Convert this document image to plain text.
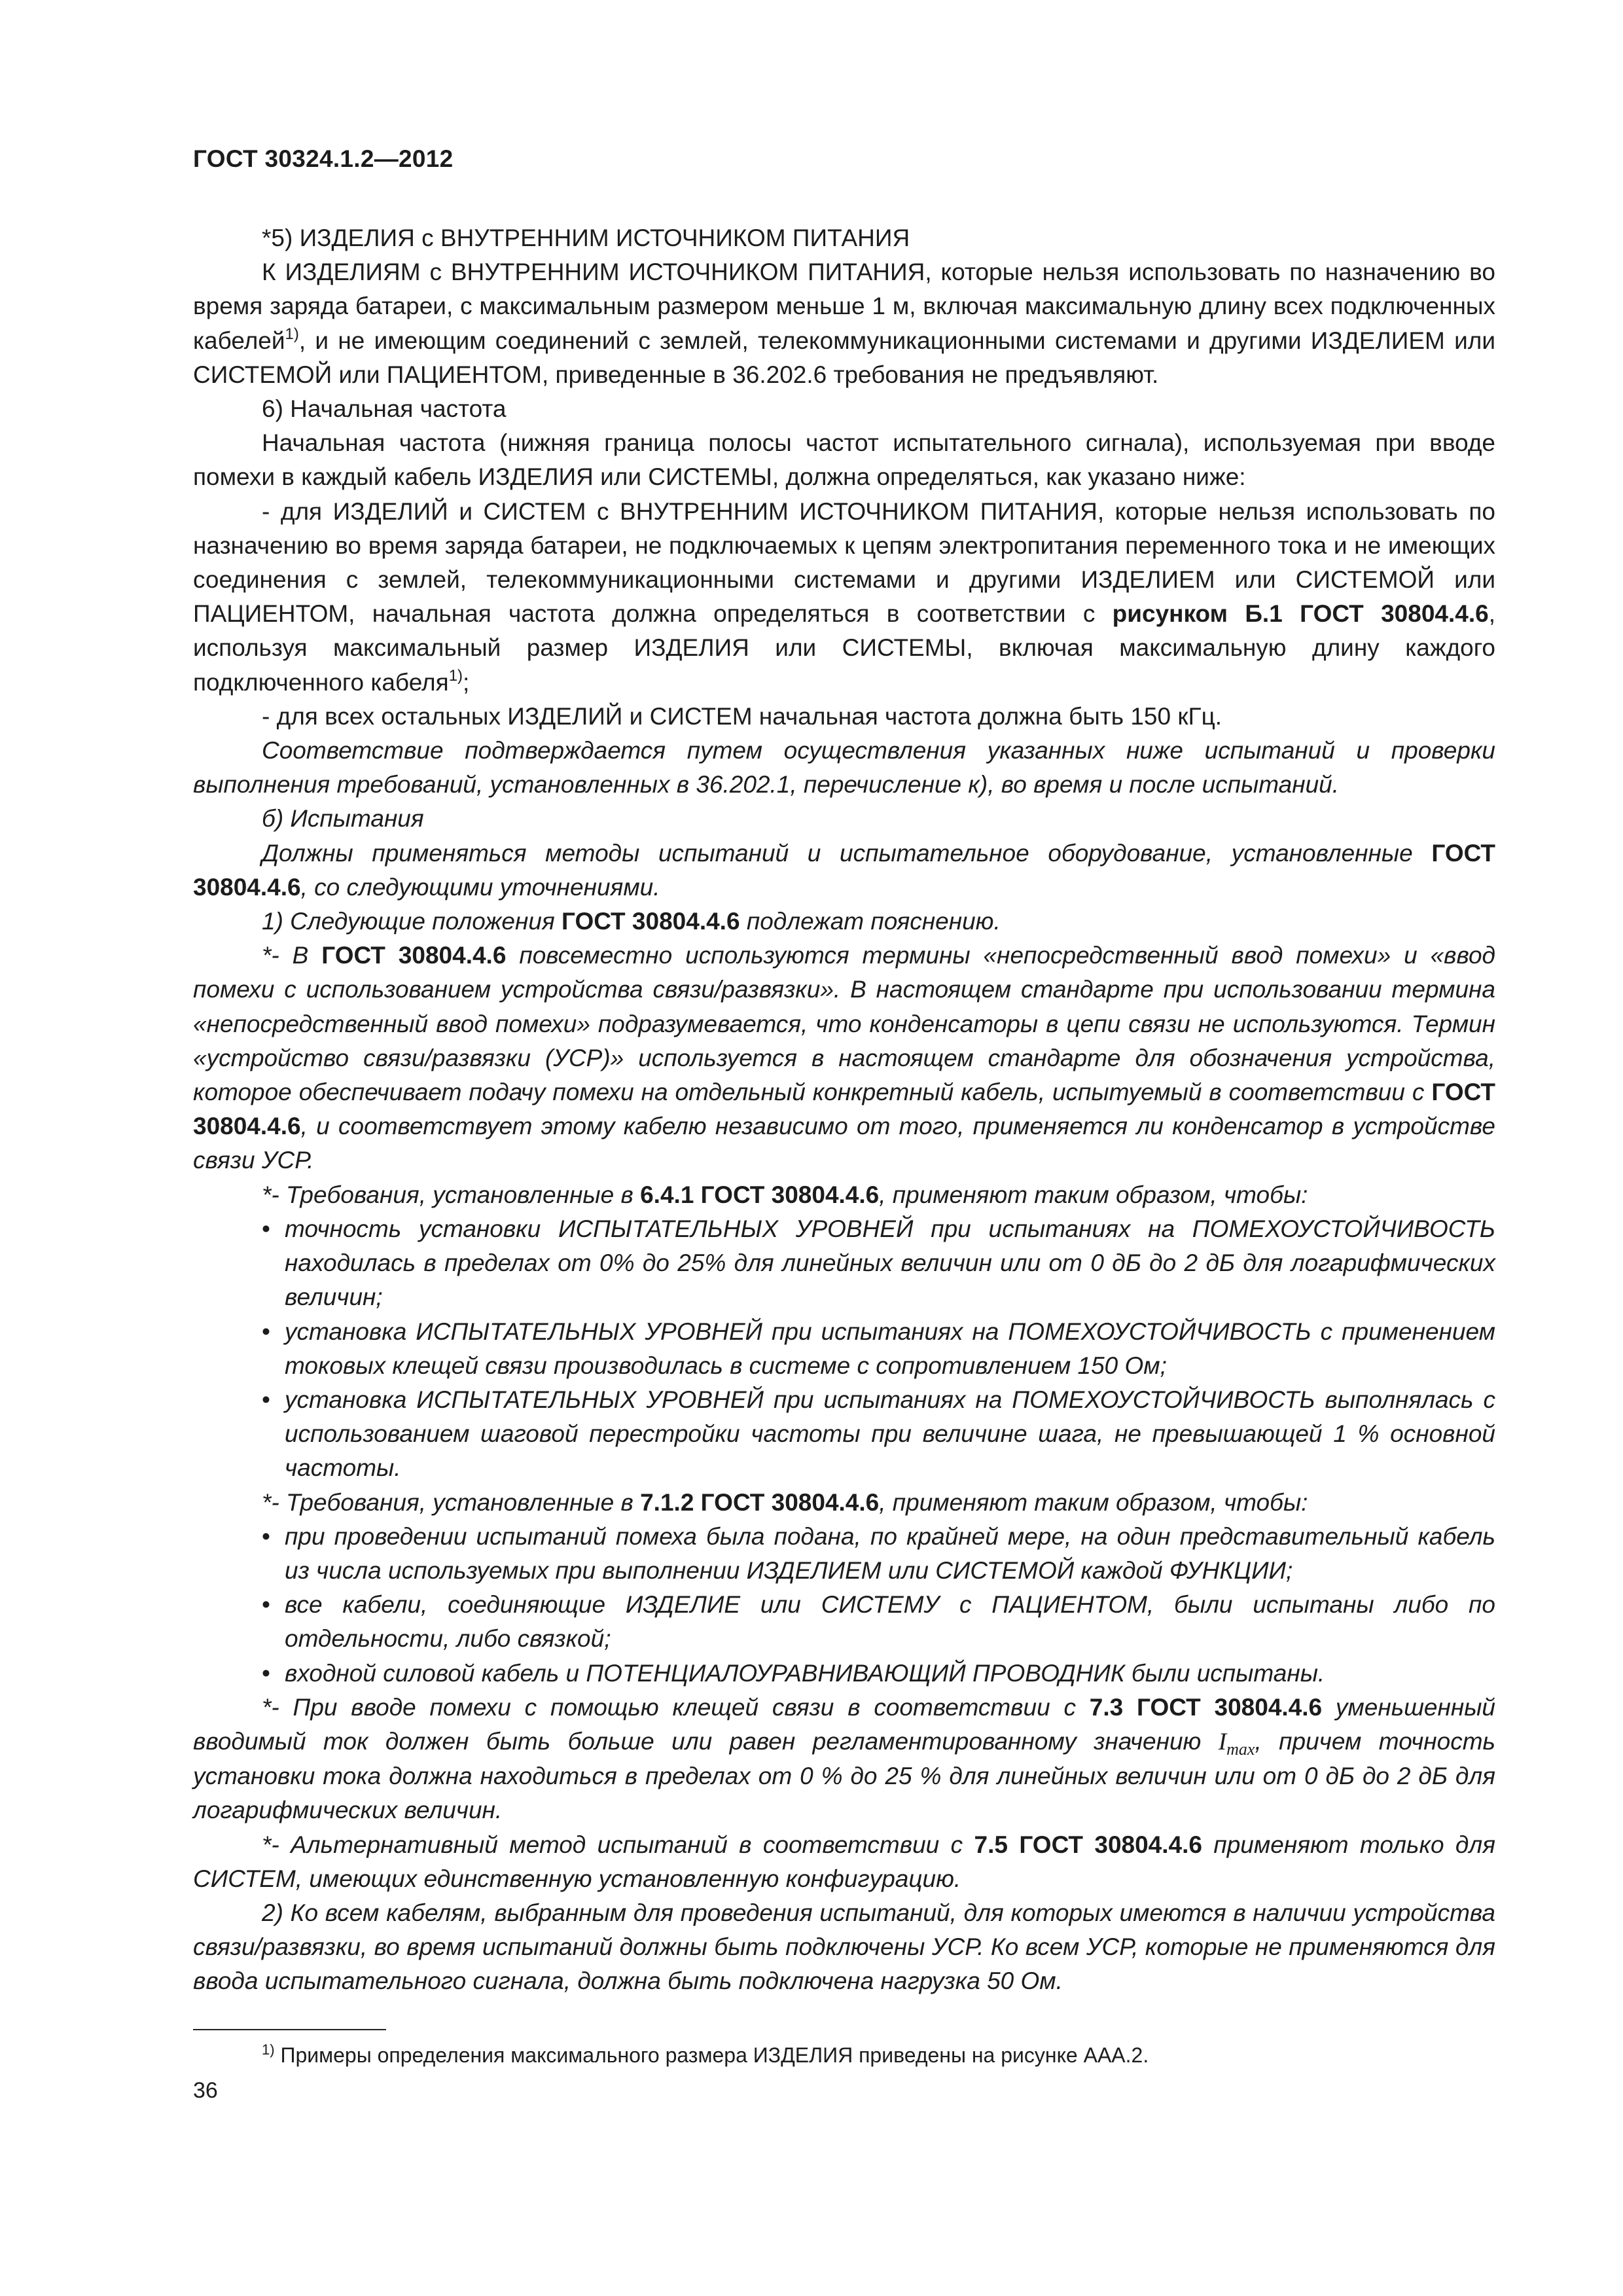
ГОСТ 30324.1.2—2012

*5) ИЗДЕЛИЯ с ВНУТРЕННИМ ИСТОЧНИКОМ ПИТАНИЯ

К ИЗДЕЛИЯМ с ВНУТРЕННИМ ИСТОЧНИКОМ ПИТАНИЯ, которые нельзя использовать по назначению во время заряда батареи, с максимальным размером меньше 1 м, включая максимальную длину всех подключенных кабелей$^{1)}$, и не имеющим соединений с землей, телекоммуникационными системами и другими ИЗДЕЛИЕМ или СИСТЕМОЙ или ПАЦИЕНТОМ, приведенные в 36.202.6 требования не предъявляют.

6) Начальная частота

Начальная частота (нижняя граница полосы частот испытательного сигнала), используемая при вводе помехи в каждый кабель ИЗДЕЛИЯ или СИСТЕМЫ, должна определяться, как указано ниже:

- для ИЗДЕЛИЙ и СИСТЕМ с ВНУТРЕННИМ ИСТОЧНИКОМ ПИТАНИЯ, которые нельзя использовать по назначению во время заряда батареи, не подключаемых к цепям электропитания переменного тока и не имеющих соединения с землей, телекоммуникационными системами и другими ИЗДЕЛИЕМ или СИСТЕМОЙ или ПАЦИЕНТОМ, начальная частота должна определяться в соответствии с рисунком Б.1 ГОСТ 30804.4.6, используя максимальный размер ИЗДЕЛИЯ или СИСТЕМЫ, включая максимальную длину каждого подключенного кабеля$^{1)}$;

- для всех остальных ИЗДЕЛИЙ и СИСТЕМ начальная частота должна быть 150 кГц.

Соответствие подтверждается путем осуществления указанных ниже испытаний и проверки выполнения требований, установленных в 36.202.1, перечисление к), во время и после испытаний.

б) Испытания

Должны применяться методы испытаний и испытательное оборудование, установленные ГОСТ 30804.4.6, со следующими уточнениями.

1) Следующие положения ГОСТ 30804.4.6 подлежат пояснению.

*- В ГОСТ 30804.4.6 повсеместно используются термины «непосредственный ввод помехи» и «ввод помехи с использованием устройства связи/развязки». В настоящем стандарте при использовании термина «непосредственный ввод помехи» подразумевается, что конденсаторы в цепи связи не используются. Термин «устройство связи/развязки (УСР)» используется в настоящем стандарте для обозначения устройства, которое обеспечивает подачу помехи на отдельный конкретный кабель, испытуемый в соответствии с ГОСТ 30804.4.6, и соответствует этому кабелю независимо от того, применяется ли конденсатор в устройстве связи УСР.

*- Требования, установленные в 6.4.1 ГОСТ 30804.4.6, применяют таким образом, чтобы:

• точность установки ИСПЫТАТЕЛЬНЫХ УРОВНЕЙ при испытаниях на ПОМЕХОУСТОЙЧИВОСТЬ находилась в пределах от 0% до 25% для линейных величин или от 0 дБ до 2 дБ для логарифмических величин;

• установка ИСПЫТАТЕЛЬНЫХ УРОВНЕЙ при испытаниях на ПОМЕХОУСТОЙЧИВОСТЬ с применением токовых клещей связи производилась в системе с сопротивлением 150 Ом;

• установка ИСПЫТАТЕЛЬНЫХ УРОВНЕЙ при испытаниях на ПОМЕХОУСТОЙЧИВОСТЬ выполнялась с использованием шаговой перестройки частоты при величине шага, не превышающей 1 % основной частоты.

*- Требования, установленные в 7.1.2 ГОСТ 30804.4.6, применяют таким образом, чтобы:

• при проведении испытаний помеха была подана, по крайней мере, на один представительный кабель из числа используемых при выполнении ИЗДЕЛИЕМ или СИСТЕМОЙ каждой ФУНКЦИИ;

• все кабели, соединяющие ИЗДЕЛИЕ или СИСТЕМУ с ПАЦИЕНТОМ, были испытаны либо по отдельности, либо связкой;

• входной силовой кабель и ПОТЕНЦИАЛОУРАВНИВАЮЩИЙ ПРОВОДНИК были испытаны.

*- При вводе помехи с помощью клещей связи в соответствии с 7.3 ГОСТ 30804.4.6 уменьшенный вводимый ток должен быть больше или равен регламентированному значению $I_{max}$, причем точность установки тока должна находиться в пределах от 0 % до 25 % для линейных величин или от 0 дБ до 2 дБ для логарифмических величин.

*- Альтернативный метод испытаний в соответствии с 7.5 ГОСТ 30804.4.6 применяют только для СИСТЕМ, имеющих единственную установленную конфигурацию.

2) Ко всем кабелям, выбранным для проведения испытаний, для которых имеются в наличии устройства связи/развязки, во время испытаний должны быть подключены УСР. Ко всем УСР, которые не применяются для ввода испытательного сигнала, должна быть подключена нагрузка 50 Ом.

$^{1)}$ Примеры определения максимального размера ИЗДЕЛИЯ приведены на рисунке ААА.2.
36
